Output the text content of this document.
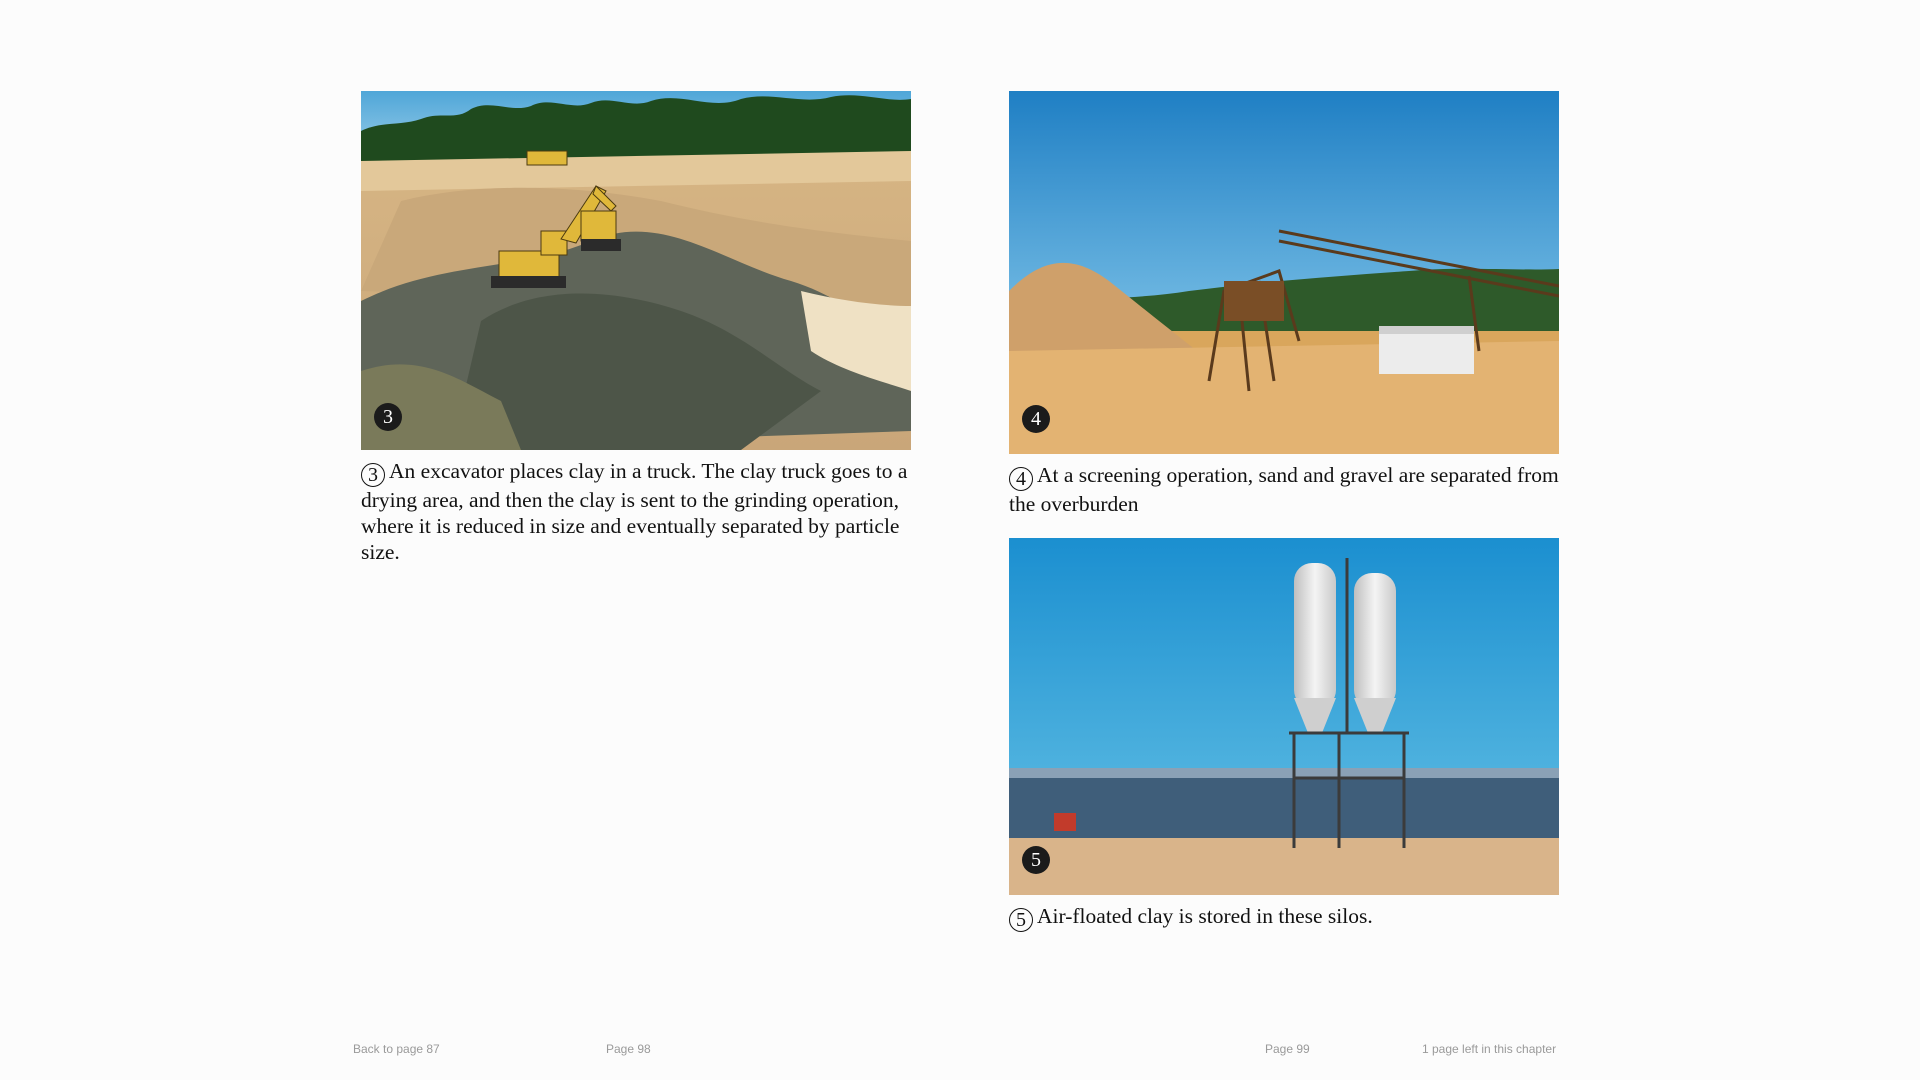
3
3 An excavator places clay in a truck. The clay truck goes to a drying area, and then the clay is sent to the grinding operation, where it is reduced in size and eventually separated by particle size.
4
4 At a screening operation, sand and gravel are separated from the overburden
5
5 Air-floated clay is stored in these silos.
Back to page 87	Page 98	Page 99	1 page left in this chapter
